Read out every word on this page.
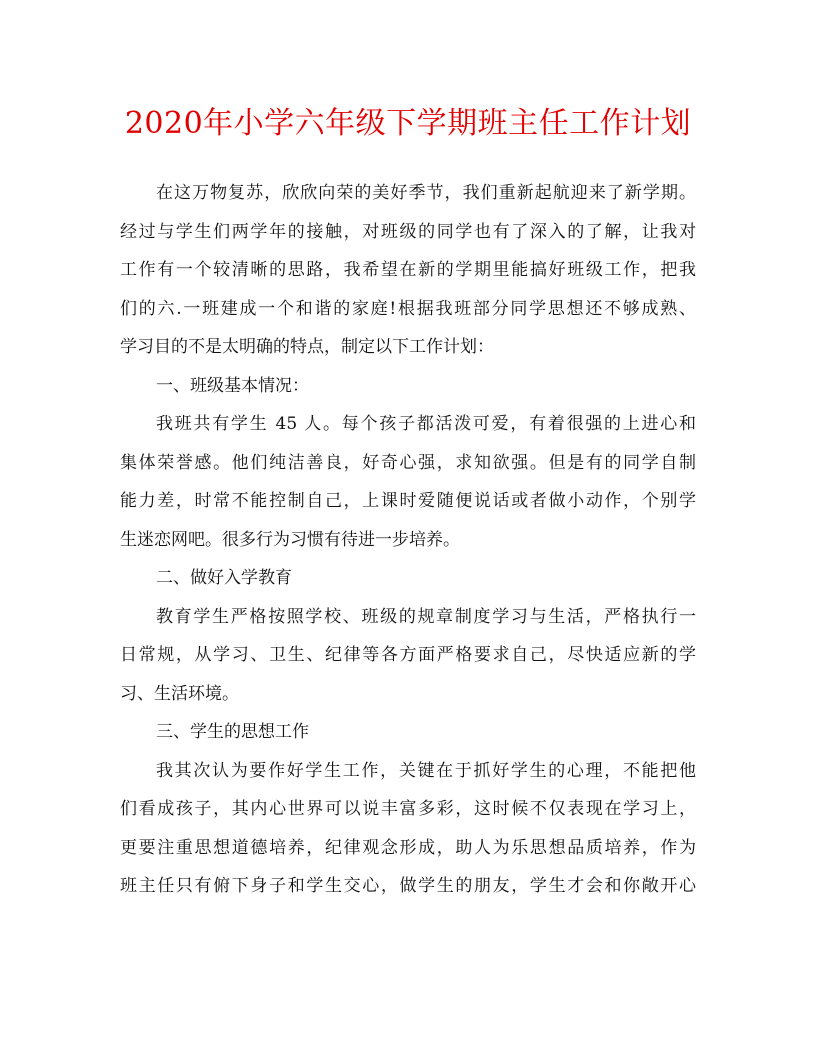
2020年小学六年级下学期班主任工作计划
在这万物复苏，欣欣向荣的美好季节，我们重新起航迎来了新学期。
经过与学生们两学年的接触，对班级的同学也有了深入的了解，让我对
工作有一个较清晰的思路，我希望在新的学期里能搞好班级工作，把我
们的六.一班建成一个和谐的家庭!根据我班部分同学思想还不够成熟、
学习目的不是太明确的特点，制定以下工作计划：
一、班级基本情况：
我班共有学生 45 人。每个孩子都活泼可爱，有着很强的上进心和
集体荣誉感。他们纯洁善良，好奇心强，求知欲强。但是有的同学自制
能力差，时常不能控制自己，上课时爱随便说话或者做小动作，个别学
生迷恋网吧。很多行为习惯有待进一步培养。
二、做好入学教育
教育学生严格按照学校、班级的规章制度学习与生活，严格执行一
日常规，从学习、卫生、纪律等各方面严格要求自己，尽快适应新的学
习、生活环境。
三、学生的思想工作
我其次认为要作好学生工作，关键在于抓好学生的心理，不能把他
们看成孩子，其内心世界可以说丰富多彩，这时候不仅表现在学习上，
更要注重思想道德培养，纪律观念形成，助人为乐思想品质培养，作为
班主任只有俯下身子和学生交心，做学生的朋友，学生才会和你敞开心
